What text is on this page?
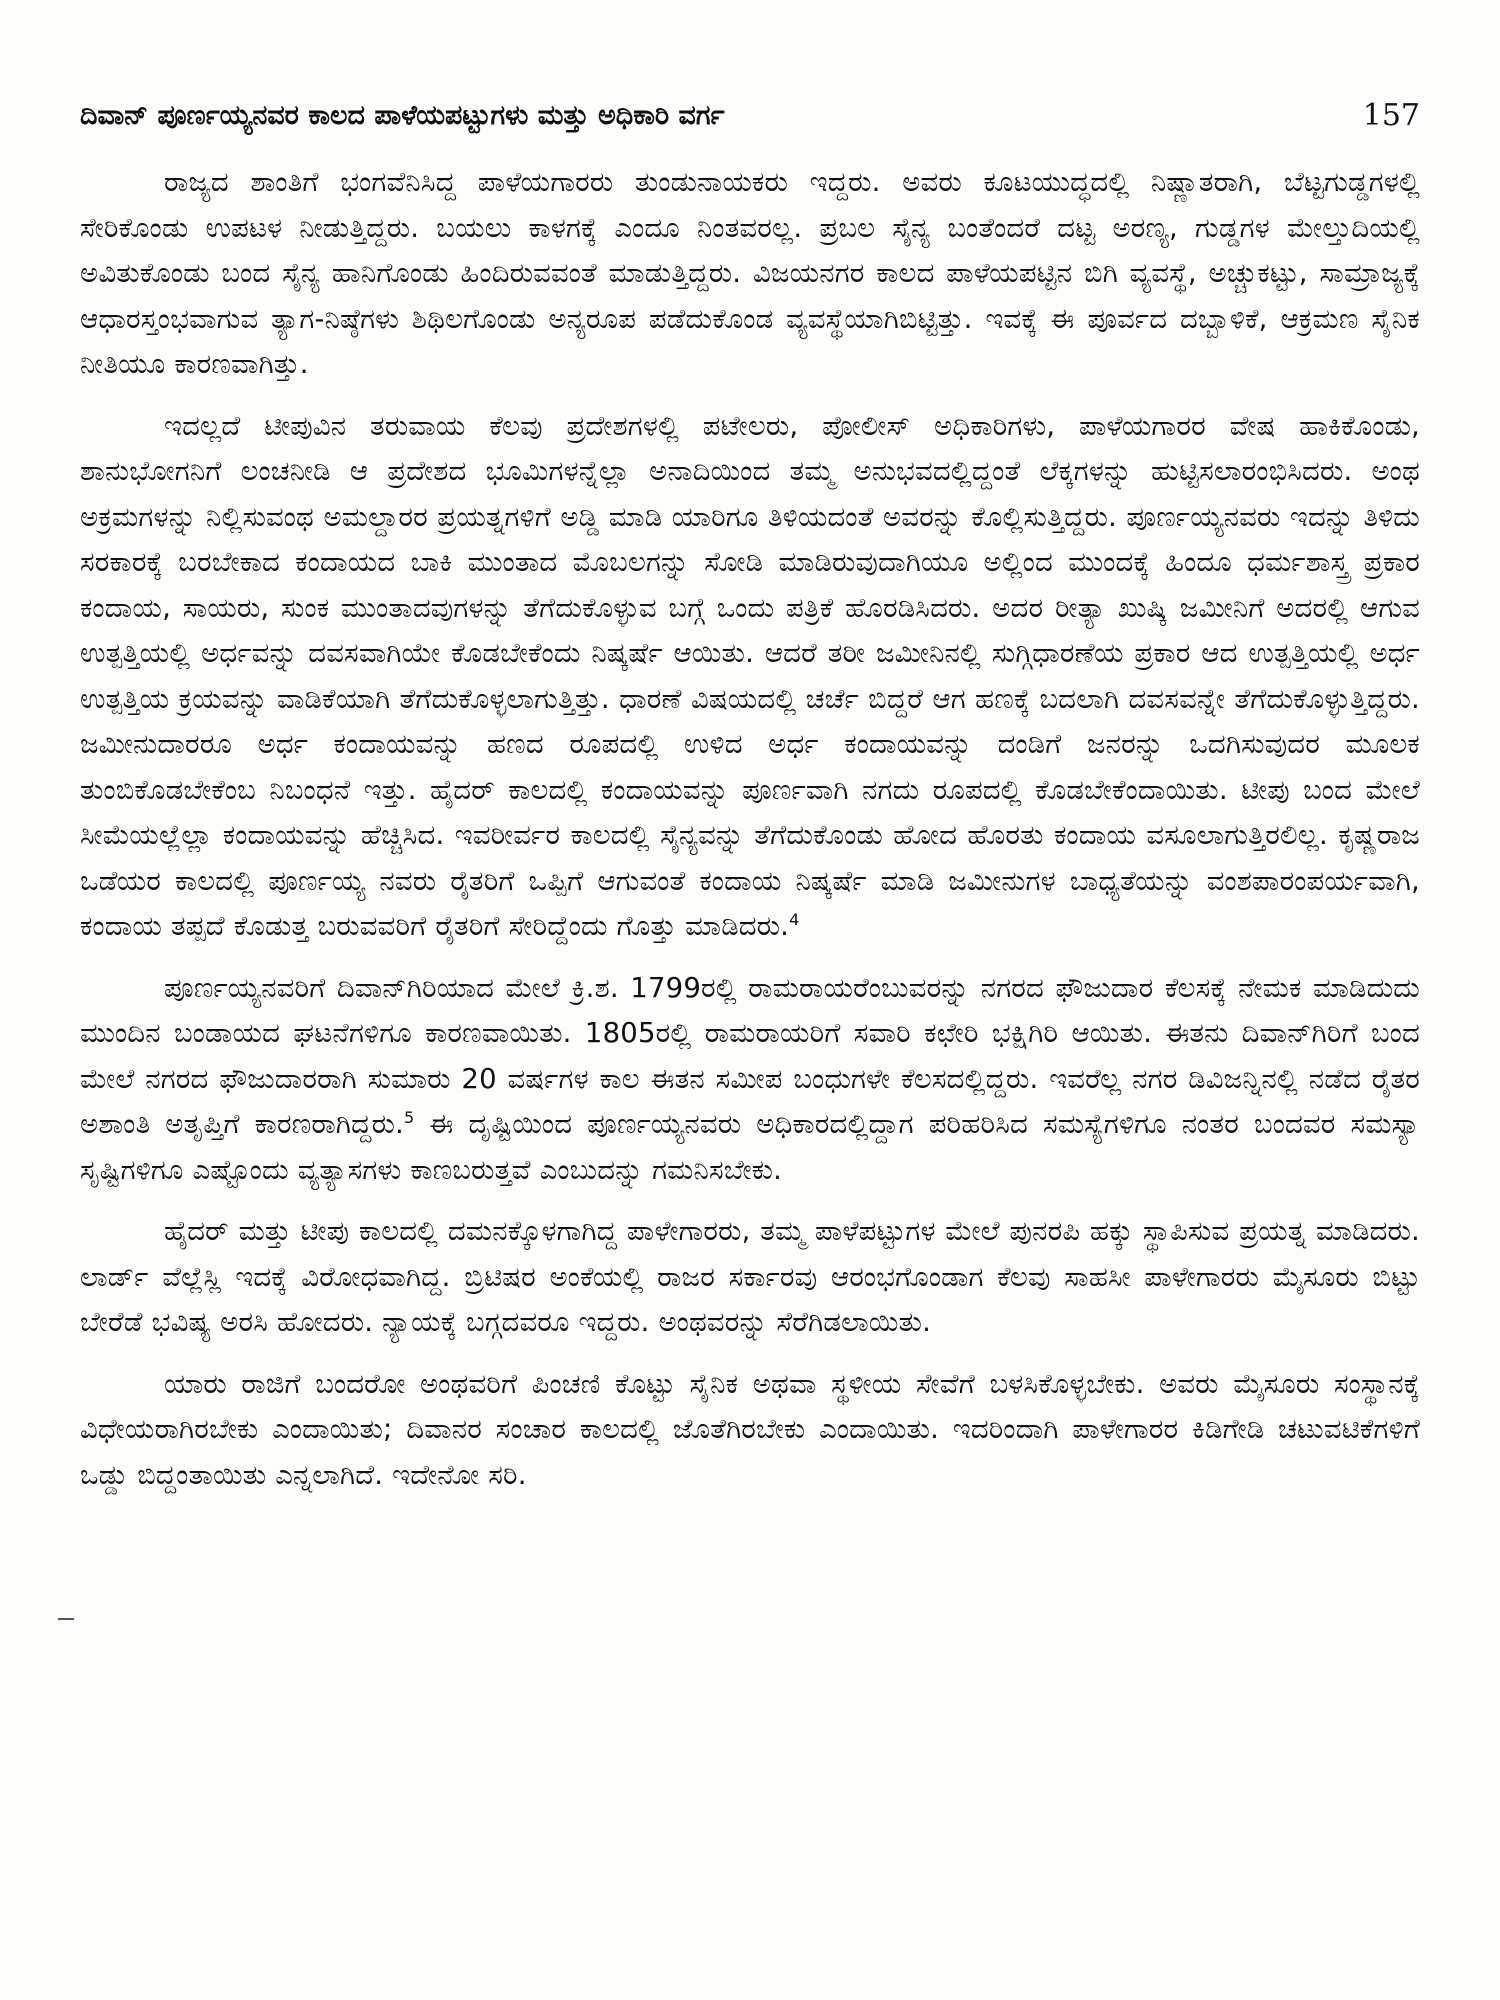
ದಿವಾನ್ ಪೂರ್ಣಯ್ಯನವರ ಕಾಲದ ಪಾಳೆಯಪಟ್ಟುಗಳು ಮತ್ತು ಅಧಿಕಾರಿ ವರ್ಗ	157

ರಾಜ್ಯದ ಶಾಂತಿಗೆ ಭಂಗವೆನಿಸಿದ್ದ ಪಾಳೆಯಗಾರರು ತುಂಡುನಾಯಕರು ಇದ್ದರು. ಅವರು ಕೂಟಯುದ್ಧದಲ್ಲಿ ನಿಷ್ಣಾತರಾಗಿ, ಬೆಟ್ಟಗುಡ್ಡಗಳಲ್ಲಿ ಸೇರಿಕೊಂಡು ಉಪಟಳ ನೀಡುತ್ತಿದ್ದರು. ಬಯಲು ಕಾಳಗಕ್ಕೆ ಎಂದೂ ನಿಂತವರಲ್ಲ. ಪ್ರಬಲ ಸೈನ್ಯ ಬಂತೆಂದರೆ ದಟ್ಟ ಅರಣ್ಯ, ಗುಡ್ಡಗಳ ಮೇಲ್ತುದಿಯಲ್ಲಿ ಅವಿತುಕೊಂಡು ಬಂದ ಸೈನ್ಯ ಹಾನಿಗೊಂಡು ಹಿಂದಿರುವವಂತೆ ಮಾಡುತ್ತಿದ್ದರು. ವಿಜಯನಗರ ಕಾಲದ ಪಾಳೆಯಪಟ್ಟಿನ ಬಿಗಿ ವ್ಯವಸ್ಥೆ, ಅಚ್ಚುಕಟ್ಟು, ಸಾಮ್ರಾಜ್ಯಕ್ಕೆ ಆಧಾರಸ್ತಂಭವಾಗುವ ತ್ಯಾಗ-ನಿಷ್ಠೆಗಳು ಶಿಥಿಲಗೊಂಡು ಅನ್ಯರೂಪ ಪಡೆದುಕೊಂಡ ವ್ಯವಸ್ಥೆಯಾಗಿಬಿಟ್ಟಿತ್ತು. ಇವಕ್ಕೆ ಈ ಪೂರ್ವದ ದಬ್ಬಾಳಿಕೆ, ಆಕ್ರಮಣ ಸೈನಿಕ ನೀತಿಯೂ ಕಾರಣವಾಗಿತ್ತು.

ಇದಲ್ಲದೆ ಟೀಪುವಿನ ತರುವಾಯ ಕೆಲವು ಪ್ರದೇಶಗಳಲ್ಲಿ ಪಟೇಲರು, ಪೋಲೀಸ್ ಅಧಿಕಾರಿಗಳು, ಪಾಳೆಯಗಾರರ ವೇಷ ಹಾಕಿಕೊಂಡು, ಶಾನುಭೋಗನಿಗೆ ಲಂಚನೀಡಿ ಆ ಪ್ರದೇಶದ ಭೂಮಿಗಳನ್ನೆಲ್ಲಾ ಅನಾದಿಯಿಂದ ತಮ್ಮ ಅನುಭವದಲ್ಲಿದ್ದಂತೆ ಲೆಕ್ಕಗಳನ್ನು ಹುಟ್ಟಿಸಲಾರಂಭಿಸಿದರು. ಅಂಥ ಅಕ್ರಮಗಳನ್ನು ನಿಲ್ಲಿಸುವಂಥ ಅಮಲ್ದಾರರ ಪ್ರಯತ್ನಗಳಿಗೆ ಅಡ್ಡಿ ಮಾಡಿ ಯಾರಿಗೂ ತಿಳಿಯದಂತೆ ಅವರನ್ನು ಕೊಲ್ಲಿಸುತ್ತಿದ್ದರು. ಪೂರ್ಣಯ್ಯನವರು ಇದನ್ನು ತಿಳಿದು ಸರಕಾರಕ್ಕೆ ಬರಬೇಕಾದ ಕಂದಾಯದ ಬಾಕಿ ಮುಂತಾದ ಮೊಬಲಗನ್ನು ಸೋಡಿ ಮಾಡಿರುವುದಾಗಿಯೂ ಅಲ್ಲಿಂದ ಮುಂದಕ್ಕೆ ಹಿಂದೂ ಧರ್ಮಶಾಸ್ತ್ರ ಪ್ರಕಾರ ಕಂದಾಯ, ಸಾಯರು, ಸುಂಕ ಮುಂತಾದವುಗಳನ್ನು ತೆಗೆದುಕೊಳ್ಳುವ ಬಗ್ಗೆ ಒಂದು ಪತ್ರಿಕೆ ಹೊರಡಿಸಿದರು. ಅದರ ರೀತ್ಯಾ ಖುಷ್ಕಿ ಜಮೀನಿಗೆ ಅದರಲ್ಲಿ ಆಗುವ ಉತ್ಪತ್ತಿಯಲ್ಲಿ ಅರ್ಧವನ್ನು ದವಸವಾಗಿಯೇ ಕೊಡಬೇಕೆಂದು ನಿಷ್ಕರ್ಷೆ ಆಯಿತು. ಆದರೆ ತರೀ ಜಮೀನಿನಲ್ಲಿ ಸುಗ್ಗಿಧಾರಣೆಯ ಪ್ರಕಾರ ಆದ ಉತ್ಪತ್ತಿಯಲ್ಲಿ ಅರ್ಧ ಉತ್ಪತ್ತಿಯ ಕ್ರಯವನ್ನು ವಾಡಿಕೆಯಾಗಿ ತೆಗೆದುಕೊಳ್ಳಲಾಗುತ್ತಿತ್ತು. ಧಾರಣೆ ವಿಷಯದಲ್ಲಿ ಚರ್ಚೆ ಬಿದ್ದರೆ ಆಗ ಹಣಕ್ಕೆ ಬದಲಾಗಿ ದವಸವನ್ನೇ ತೆಗೆದುಕೊಳ್ಳುತ್ತಿದ್ದರು. ಜಮೀನುದಾರರೂ ಅರ್ಧ ಕಂದಾಯವನ್ನು ಹಣದ ರೂಪದಲ್ಲಿ ಉಳಿದ ಅರ್ಧ ಕಂದಾಯವನ್ನು ದಂಡಿಗೆ ಜನರನ್ನು ಒದಗಿಸುವುದರ ಮೂಲಕ ತುಂಬಿಕೊಡಬೇಕೆಂಬ ನಿಬಂಧನೆ ಇತ್ತು. ಹೈದರ್ ಕಾಲದಲ್ಲಿ ಕಂದಾಯವನ್ನು ಪೂರ್ಣವಾಗಿ ನಗದು ರೂಪದಲ್ಲಿ ಕೊಡಬೇಕೆಂದಾಯಿತು. ಟೀಪು ಬಂದ ಮೇಲೆ ಸೀಮೆಯಲ್ಲೆಲ್ಲಾ ಕಂದಾಯವನ್ನು ಹೆಚ್ಚಿಸಿದ. ಇವರೀರ್ವರ ಕಾಲದಲ್ಲಿ ಸೈನ್ಯವನ್ನು ತೆಗೆದುಕೊಂಡು ಹೋದ ಹೊರತು ಕಂದಾಯ ವಸೂಲಾಗುತ್ತಿರಲಿಲ್ಲ. ಕೃಷ್ಣರಾಜ ಒಡೆಯರ ಕಾಲದಲ್ಲಿ ಪೂರ್ಣಯ್ಯ ನವರು ರೈತರಿಗೆ ಒಪ್ಪಿಗೆ ಆಗುವಂತೆ ಕಂದಾಯ ನಿಷ್ಕರ್ಷೆ ಮಾಡಿ ಜಮೀನುಗಳ ಬಾಧ್ಯತೆಯನ್ನು ವಂಶಪಾರಂಪರ್ಯವಾಗಿ, ಕಂದಾಯ ತಪ್ಪದೆ ಕೊಡುತ್ತ ಬರುವವರಿಗೆ ರೈತರಿಗೆ ಸೇರಿದ್ದೆಂದು ಗೊತ್ತು ಮಾಡಿದರು.$^4$

ಪೂರ್ಣಯ್ಯನವರಿಗೆ ದಿವಾನ್‌ಗಿರಿಯಾದ ಮೇಲೆ ಕ್ರಿ.ಶ. 1799ರಲ್ಲಿ ರಾಮರಾಯರೆಂಬುವರನ್ನು ನಗರದ ಫೌಜುದಾರ ಕೆಲಸಕ್ಕೆ ನೇಮಕ ಮಾಡಿದುದು ಮುಂದಿನ ಬಂಡಾಯದ ಘಟನೆಗಳಿಗೂ ಕಾರಣವಾಯಿತು. 1805ರಲ್ಲಿ ರಾಮರಾಯರಿಗೆ ಸವಾರಿ ಕಛೇರಿ ಭಕ್ಷಿಗಿರಿ ಆಯಿತು. ಈತನು ದಿವಾನ್‌ಗಿರಿಗೆ ಬಂದ ಮೇಲೆ ನಗರದ ಫೌಜುದಾರರಾಗಿ ಸುಮಾರು 20 ವರ್ಷಗಳ ಕಾಲ ಈತನ ಸಮೀಪ ಬಂಧುಗಳೇ ಕೆಲಸದಲ್ಲಿದ್ದರು. ಇವರೆಲ್ಲ ನಗರ ಡಿವಿಜನ್ನಿನಲ್ಲಿ ನಡೆದ ರೈತರ ಅಶಾಂತಿ ಅತೃಪ್ತಿಗೆ ಕಾರಣರಾಗಿದ್ದರು.$^5$ ಈ ದೃಷ್ಟಿಯಿಂದ ಪೂರ್ಣಯ್ಯನವರು ಅಧಿಕಾರದಲ್ಲಿದ್ದಾಗ ಪರಿಹರಿಸಿದ ಸಮಸ್ಯೆಗಳಿಗೂ ನಂತರ ಬಂದವರ ಸಮಸ್ಯಾ ಸೃಷ್ಟಿಗಳಿಗೂ ಎಷ್ಟೊಂದು ವ್ಯತ್ಯಾಸಗಳು ಕಾಣಬರುತ್ತವೆ ಎಂಬುದನ್ನು ಗಮನಿಸಬೇಕು.

ಹೈದರ್ ಮತ್ತು ಟೀಪು ಕಾಲದಲ್ಲಿ ದಮನಕ್ಕೊಳಗಾಗಿದ್ದ ಪಾಳೇಗಾರರು, ತಮ್ಮ ಪಾಳೆಪಟ್ಟುಗಳ ಮೇಲೆ ಪುನರಪಿ ಹಕ್ಕು ಸ್ಥಾಪಿಸುವ ಪ್ರಯತ್ನ ಮಾಡಿದರು. ಲಾರ್ಡ್ ವೆಲ್ಲೆಸ್ಲಿ ಇದಕ್ಕೆ ವಿರೋಧವಾಗಿದ್ದ. ಬ್ರಿಟಿಷರ ಅಂಕೆಯಲ್ಲಿ ರಾಜರ ಸರ್ಕಾರವು ಆರಂಭಗೊಂಡಾಗ ಕೆಲವು ಸಾಹಸೀ ಪಾಳೇಗಾರರು ಮೈಸೂರು ಬಿಟ್ಟು ಬೇರೆಡೆ ಭವಿಷ್ಯ ಅರಸಿ ಹೋದರು. ನ್ಯಾಯಕ್ಕೆ ಬಗ್ಗದವರೂ ಇದ್ದರು. ಅಂಥವರನ್ನು ಸೆರೆಗಿಡಲಾಯಿತು.

ಯಾರು ರಾಜಿಗೆ ಬಂದರೋ ಅಂಥವರಿಗೆ ಪಿಂಚಣಿ ಕೊಟ್ಟು ಸೈನಿಕ ಅಥವಾ ಸ್ಥಳೀಯ ಸೇವೆಗೆ ಬಳಸಿಕೊಳ್ಳಬೇಕು. ಅವರು ಮೈಸೂರು ಸಂಸ್ಥಾನಕ್ಕೆ ವಿಧೇಯರಾಗಿರಬೇಕು ಎಂದಾಯಿತು; ದಿವಾನರ ಸಂಚಾರ ಕಾಲದಲ್ಲಿ ಜೊತೆಗಿರಬೇಕು ಎಂದಾಯಿತು. ಇದರಿಂದಾಗಿ ಪಾಳೇಗಾರರ ಕಿಡಿಗೇಡಿ ಚಟುವಟಿಕೆಗಳಿಗೆ ಒಡ್ಡು ಬಿದ್ದಂತಾಯಿತು ಎನ್ನಲಾಗಿದೆ. ಇದೇನೋ ಸರಿ.
